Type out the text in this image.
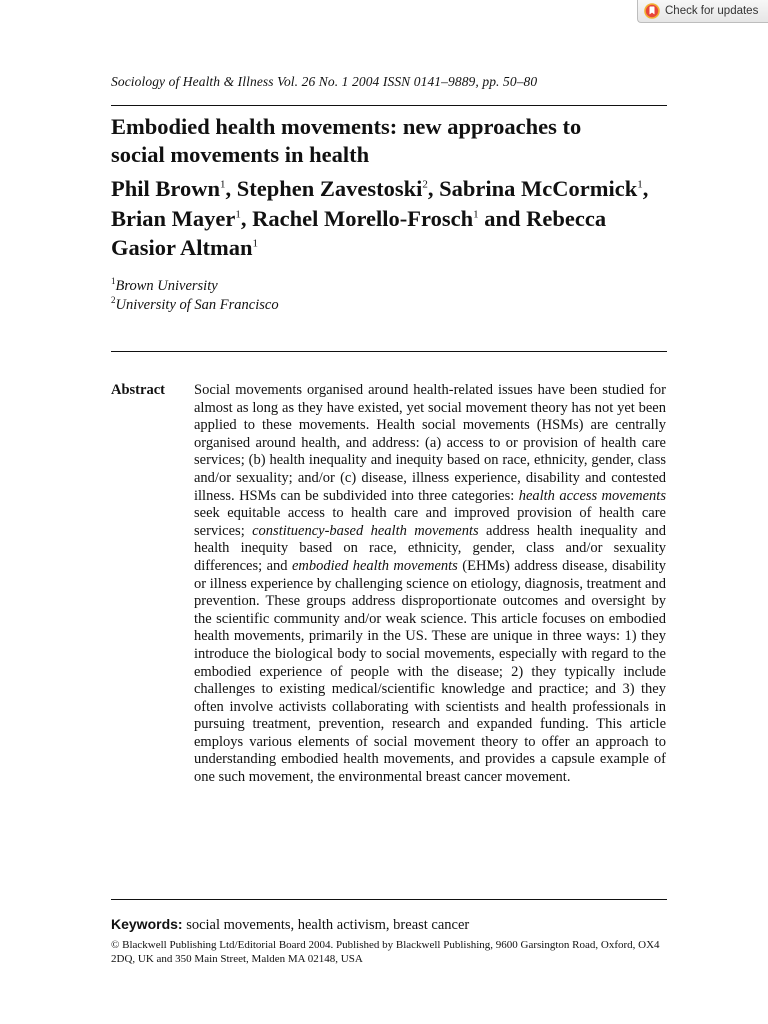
Check for updates
Sociology of Health & Illness Vol. 26 No. 1 2004 ISSN 0141–9889, pp. 50–80
Embodied health movements: new approaches to
social movements in health
Phil Brown$^1$, Stephen Zavestoski$^2$, Sabrina McCormick$^1$, Brian Mayer$^1$, Rachel Morello-Frosch$^1$ and Rebecca Gasior Altman$^1$
$^1$Brown University
$^2$University of San Francisco
Abstract Social movements organised around health-related issues have been studied for almost as long as they have existed, yet social movement theory has not yet been applied to these movements. Health social movements (HSMs) are centrally organised around health, and address: (a) access to or provision of health care services; (b) health inequality and inequity based on race, ethnicity, gender, class and/or sexuality; and/or (c) disease, illness experience, disability and contested illness. HSMs can be subdivided into three categories: health access movements seek equitable access to health care and improved provision of health care services; constituency-based health movements address health inequality and health inequity based on race, ethnicity, gender, class and/or sexuality differences; and embodied health movements (EHMs) address disease, disability or illness experience by challenging science on etiology, diagnosis, treatment and prevention. These groups address disproportionate outcomes and oversight by the scientific community and/or weak science. This article focuses on embodied health movements, primarily in the US. These are unique in three ways: 1) they introduce the biological body to social movements, especially with regard to the embodied experience of people with the disease; 2) they typically include challenges to existing medical/scientific knowledge and practice; and 3) they often involve activists collaborating with scientists and health professionals in pursuing treatment, prevention, research and expanded funding. This article employs various elements of social movement theory to offer an approach to understanding embodied health movements, and provides a capsule example of one such movement, the environmental breast cancer movement.

Keywords: social movements, health activism, breast cancer
© Blackwell Publishing Ltd/Editorial Board 2004. Published by Blackwell Publishing, 9600 Garsington Road, Oxford, OX4 2DQ, UK and 350 Main Street, Malden MA 02148, USA
